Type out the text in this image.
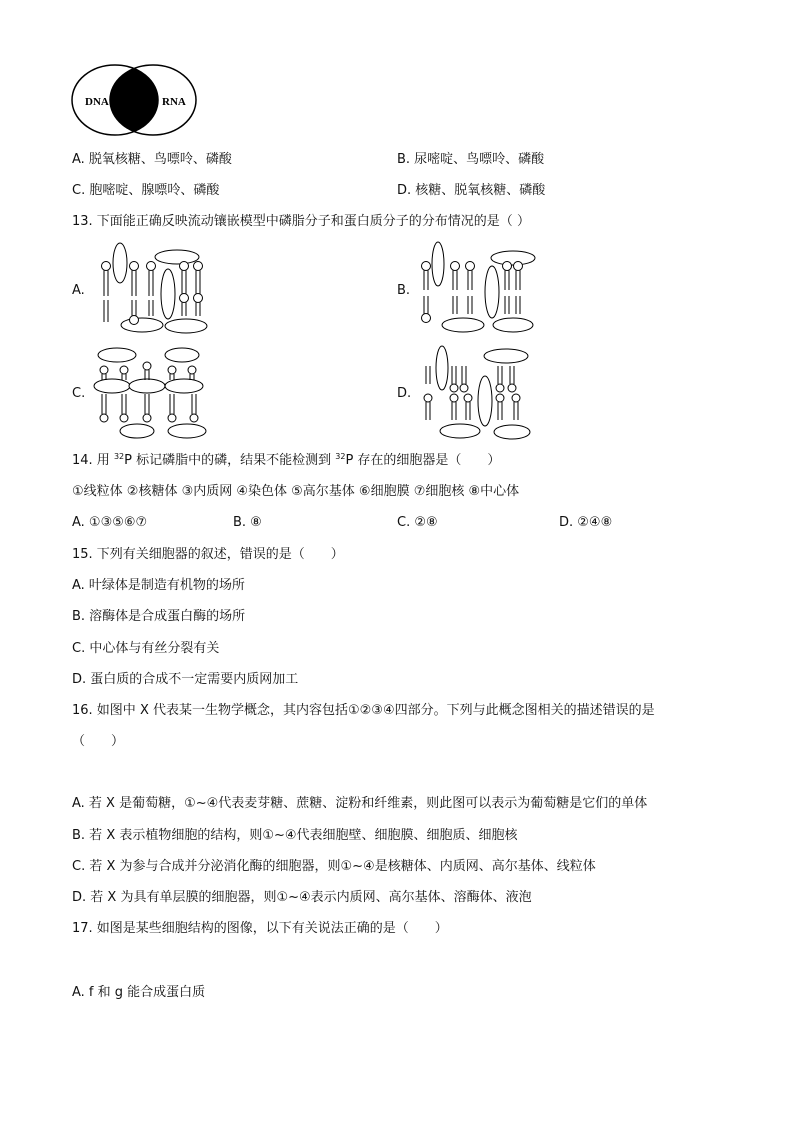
DNA	RNA
A. 脱氧核糖、鸟嘌呤、磷酸	B. 尿嘧啶、鸟嘌呤、磷酸
C. 胞嘧啶、腺嘌呤、磷酸	D. 核糖、脱氧核糖、磷酸
13. 下面能正确反映流动镶嵌模型中磷脂分子和蛋白质分子的分布情况的是（ ）
A.	B.
C.	D.
14. 用 $^{32}$P 标记磷脂中的磷，结果不能检测到 $^{32}$P 存在的细胞器是（　　）
①线粒体 ②核糖体 ③内质网 ④染色体 ⑤高尔基体 ⑥细胞膜 ⑦细胞核 ⑧中心体
A. ①③⑤⑥⑦	B. ⑧	C. ②⑧	D. ②④⑧
15. 下列有关细胞器的叙述，错误的是（　　）
A. 叶绿体是制造有机物的场所
B. 溶酶体是合成蛋白酶的场所
C. 中心体与有丝分裂有关
D. 蛋白质的合成不一定需要内质网加工
16. 如图中 X 代表某一生物学概念，其内容包括①②③④四部分。下列与此概念图相关的描述错误的是
（　　）
A. 若 X 是葡萄糖，①~④代表麦芽糖、蔗糖、淀粉和纤维素，则此图可以表示为葡萄糖是它们的单体
B. 若 X 表示植物细胞的结构，则①~④代表细胞壁、细胞膜、细胞质、细胞核
C. 若 X 为参与合成并分泌消化酶的细胞器，则①~④是核糖体、内质网、高尔基体、线粒体
D. 若 X 为具有单层膜的细胞器，则①~④表示内质网、高尔基体、溶酶体、液泡
17. 如图是某些细胞结构的图像，以下有关说法正确的是（　　）
A. f 和 g 能合成蛋白质
